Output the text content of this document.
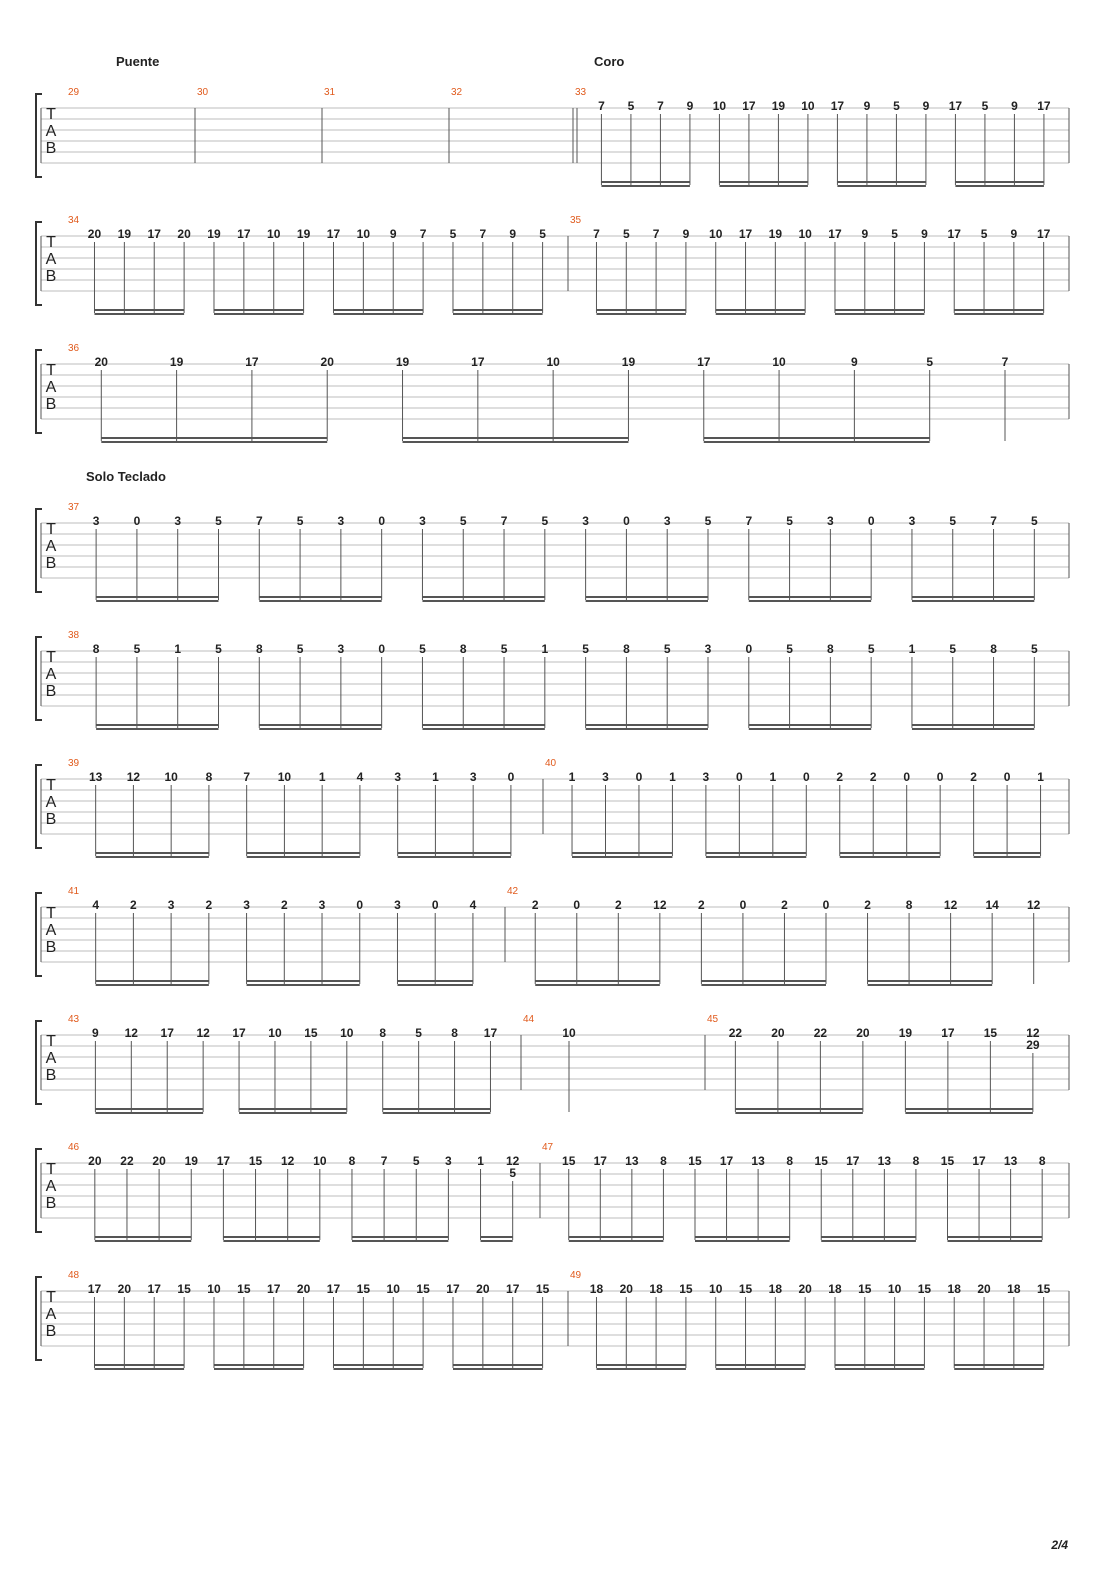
Puente	Coro
T
A
B
29	30	31	32	33
7 5 7 9 10 17 19 10 17 9 5 9 17 5 9 17
T
A
B
34
20 19 17 20 19 17 10 19 17 10 9 7 5 7 9 5
35
7 5 7 9 10 17 19 10 17 9 5 9 17 5 9 17
T
A
B
36
20	19	17	20	19	17	10	19	17	10	9	5	7
Solo Teclado
T
A
B
37
3	0	3	5	7	5	3	0	3	5	7	5	3	0	3	5	7	5	3	0	3	5	7	5
T
A
B
38
8	5	1	5	8	5	3	0	5	8	5	1	5	8	5	3	0	5	8	5	1	5	8	5
T
A
B
39
13 12 10 8	7 10 1	4	3	1	3	0
40
1 3 0 1 3 0 1 0 2 2 0 0 2 0 1
T
A
B
41
4	2	3	2	3	2	3	0	3	0	4
42
2	0	2	12	2	0	2	0	2	8	12 14 12
T
A
B
43
9 12 17 12 17 10 15 10 8 5 8 17
44
10
45
22 20 22 20 19 17 15 12
29
T
A
B
46
20 22 20 19 17 15 12 10 8 7 5 3 1 12
5
47
15 17 13 8 15 17 13 8 15 17 13 8 15 17 13 8
T
A
B
48
17 20 17 15 10 15 17 20 17 15 10 15 17 20 17 15
49
18 20 18 15 10 15 18 20 18 15 10 15 18 20 18 15
2/4
